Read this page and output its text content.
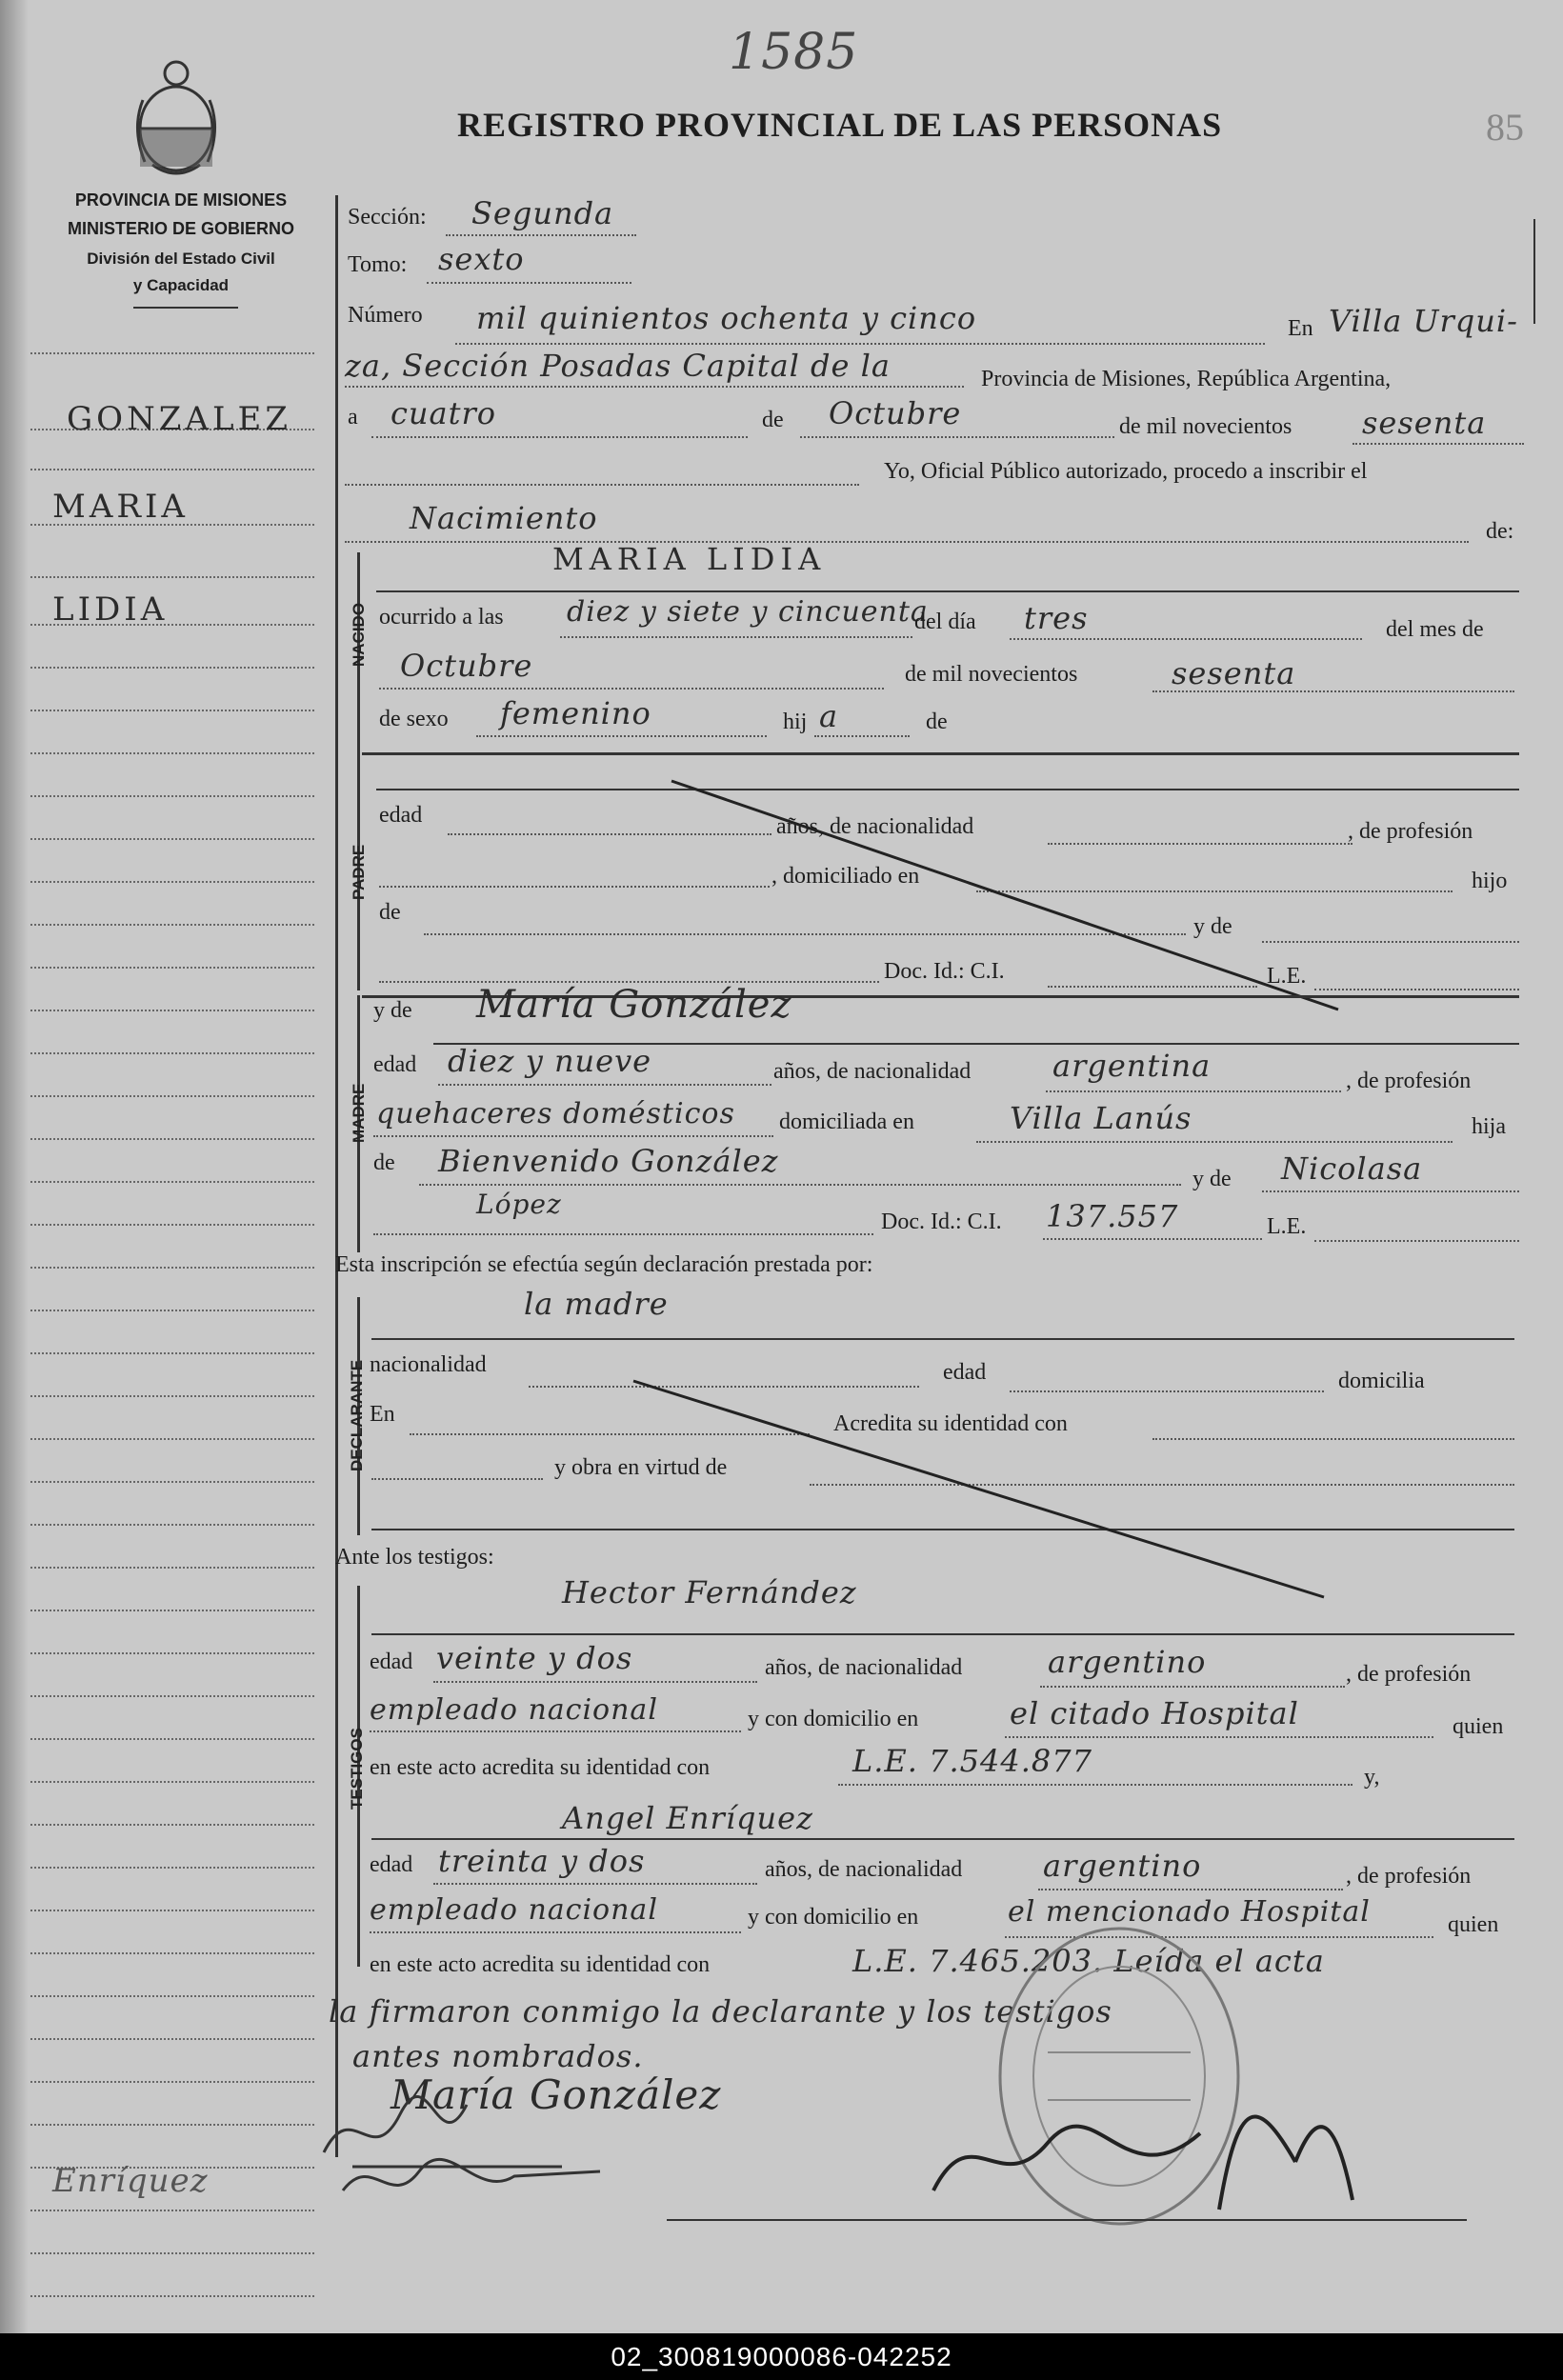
1585
85
REGISTRO PROVINCIAL DE LAS PERSONAS
PROVINCIA DE MISIONES
MINISTERIO DE GOBIERNO
División del Estado Civil
y Capacidad
GONZALEZ
MARIA
LIDIA
Sección: Segunda
Tomo: sexto
Número mil quinientos ochenta y cinco	En Villa Urqui-
za, Sección Posadas Capital de la	Provincia de Misiones, República Argentina,
a cuatro	de Octubre	de mil novecientos sesenta
Yo, Oficial Público autorizado, procedo a inscribir el
Nacimiento	de:
NACIDO
MARIA LIDIA
ocurrido a las diez y siete y cincuenta
del día tres	del mes de
Octubre	de mil novecientos	sesenta
de sexo femenino	hij a	de
PADRE
edad	años, de nacionalidad	, de profesión
, domiciliado en	hijo
de
y de
Doc. Id.: C.I.	L.E.
MADRE
y de María González
edad diez y nueve	años, de nacionalidad	argentina	, de profesión
quehaceres domésticos domiciliada en	Villa Lanús	hija
de Bienvenido González	y de Nicolasa
López
Doc. Id.: C.I. 137.557	L.E.
Esta inscripción se efectúa según declaración prestada por:
DECLARANTE
la madre
nacionalidad	edad	domicilia
En	Acredita su identidad con
y obra en virtud de
Ante los testigos:
TESTIGOS
Hector Fernández
edad veinte y dos	años, de nacionalidad	argentino	, de profesión
empleado nacional	y con domicilio en	el citado Hospital	quien
en este acto acredita su identidad con	L.E. 7.544.877	y,
Angel Enríquez
edad treinta y dos	años, de nacionalidad	argentino	, de profesión
empleado nacional	y con domicilio en	el mencionado Hospital	quien
en este acto acredita su identidad con	L.E. 7.465.203. Leída el acta
la firmaron conmigo la declarante y los testigos
antes nombrados.
María González
Enríquez
02_300819000086-042252
